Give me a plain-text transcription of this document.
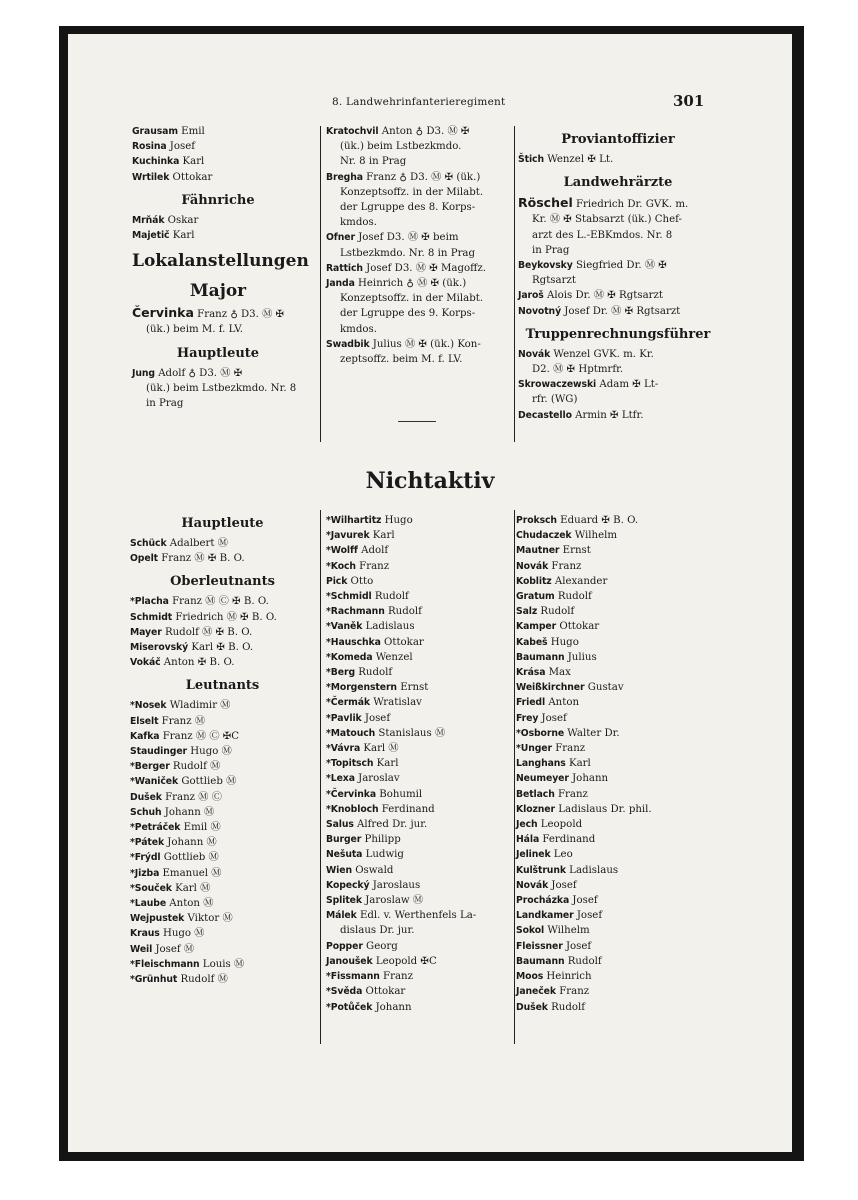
8. Landwehrinfanterieregiment	301
Grausam Emil
Rosina Josef
Kuchinka Karl
Wrtilek Ottokar
Fähnriche
Mrňák Oskar
Majetič Karl
Lokalanstellungen
Major
Červinka Franz ♁ D3. Ⓜ ✠
(ük.) beim M. f. LV.
Hauptleute
Jung Adolf ♁ D3. Ⓜ ✠
(ük.) beim Lstbezkmdo. Nr. 8
in Prag
Kratochvil Anton ♁ D3. Ⓜ ✠
(ük.) beim Lstbezkmdo.
Nr. 8 in Prag
Bregha Franz ♁ D3. Ⓜ ✠ (ük.)
Konzeptsoffz. in der Milabt.
der Lgruppe des 8. Korps-
kmdos.
Ofner Josef D3. Ⓜ ✠ beim
Lstbezkmdo. Nr. 8 in Prag
Rattich Josef D3. Ⓜ ✠ Magoffz.
Janda Heinrich ♁ Ⓜ ✠ (ük.)
Konzeptsoffz. in der Milabt.
der Lgruppe des 9. Korps-
kmdos.
Swadbik Julius Ⓜ ✠ (ük.) Kon-
zeptsoffz. beim M. f. LV.
Proviantoffizier
Štich Wenzel ✠ Lt.
Landwehrärzte
Röschel Friedrich Dr. GVK. m.
Kr. Ⓜ ✠ Stabsarzt (ük.) Chef-
arzt des L.-EBKmdos. Nr. 8
in Prag
Beykovsky Siegfried Dr. Ⓜ ✠
Rgtsarzt
Jaroš Alois Dr. Ⓜ ✠ Rgtsarzt
Novotný Josef Dr. Ⓜ ✠ Rgtsarzt
Truppenrechnungsführer
Novák Wenzel GVK. m. Kr.
D2. Ⓜ ✠ Hptmrfr.
Skrowaczewski Adam ✠ Lt-
rfr. (WG)
Decastello Armin ✠ Ltfr.
Nichtaktiv
Hauptleute
Schück Adalbert Ⓜ
Opelt Franz Ⓜ ✠ B. O.
Oberleutnants
*Placha Franz Ⓜ Ⓒ ✠ B. O.
Schmidt Friedrich Ⓜ ✠ B. O.
Mayer Rudolf Ⓜ ✠ B. O.
Miserovský Karl ✠ B. O.
Vokáč Anton ✠ B. O.
Leutnants
*Nosek Wladimir Ⓜ
Elselt Franz Ⓜ
Kafka Franz Ⓜ Ⓒ ✠C
Staudinger Hugo Ⓜ
*Berger Rudolf Ⓜ
*Waniček Gottlieb Ⓜ
Dušek Franz Ⓜ Ⓒ
Schuh Johann Ⓜ
*Petráček Emil Ⓜ
*Pátek Johann Ⓜ
*Frýdl Gottlieb Ⓜ
*Jizba Emanuel Ⓜ
*Souček Karl Ⓜ
*Laube Anton Ⓜ
Wejpustek Viktor Ⓜ
Kraus Hugo Ⓜ
Weil Josef Ⓜ
*Fleischmann Louis Ⓜ
*Grünhut Rudolf Ⓜ
*Wilhartitz Hugo
*Javurek Karl
*Wolff Adolf
*Koch Franz
Pick Otto
*Schmidl Rudolf
*Rachmann Rudolf
*Vaněk Ladislaus
*Hauschka Ottokar
*Komeda Wenzel
*Berg Rudolf
*Morgenstern Ernst
*Čermák Wratislav
*Pavlik Josef
*Matouch Stanislaus Ⓜ
*Vávra Karl Ⓜ
*Topitsch Karl
*Lexa Jaroslav
*Červinka Bohumil
*Knobloch Ferdinand
Salus Alfred Dr. jur.
Burger Philipp
Nešuta Ludwig
Wien Oswald
Kopecký Jaroslaus
Splitek Jaroslaw Ⓜ
Málek Edl. v. Werthenfels La-
dislaus Dr. jur.
Popper Georg
Janoušek Leopold ✠C
*Fissmann Franz
*Svěda Ottokar
*Potůček Johann
Proksch Eduard ✠ B. O.
Chudaczek Wilhelm
Mautner Ernst
Novák Franz
Koblitz Alexander
Gratum Rudolf
Salz Rudolf
Kamper Ottokar
Kabeš Hugo
Baumann Julius
Krása Max
Weißkirchner Gustav
Friedl Anton
Frey Josef
*Osborne Walter Dr.
*Unger Franz
Langhans Karl
Neumeyer Johann
Betlach Franz
Klozner Ladislaus Dr. phil.
Jech Leopold
Hála Ferdinand
Jelinek Leo
Kulštrunk Ladislaus
Novák Josef
Procházka Josef
Landkamer Josef
Sokol Wilhelm
Fleissner Josef
Baumann Rudolf
Moos Heinrich
Janeček Franz
Dušek Rudolf
